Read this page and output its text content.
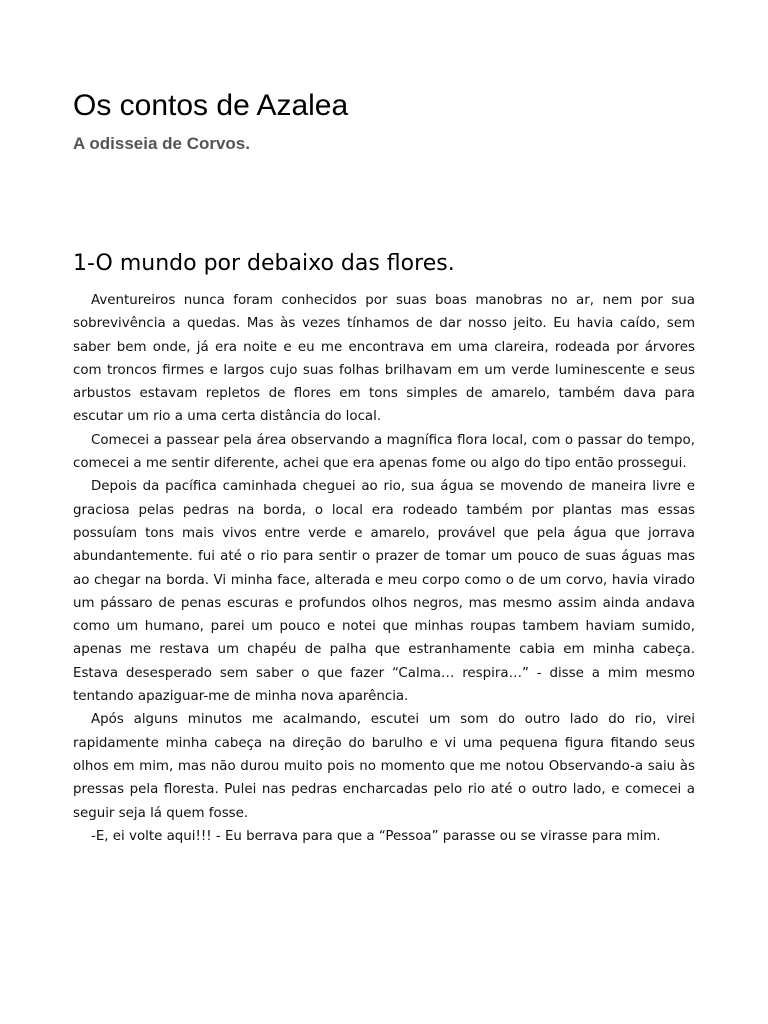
Os contos de Azalea
A odisseia de Corvos.
1-O mundo por debaixo das flores.

Aventureiros nunca foram conhecidos por suas boas manobras no ar, nem por sua sobrevivência a quedas. Mas às vezes tínhamos de dar nosso jeito. Eu havia caído, sem saber bem onde, já era noite e eu me encontrava em uma clareira, rodeada por árvores com troncos firmes e largos cujo suas folhas brilhavam em um verde luminescente e seus arbustos estavam repletos de flores em tons simples de amarelo, também dava para escutar um rio a uma certa distância do local.

Comecei a passear pela área observando a magnífica flora local, com o passar do tempo, comecei a me sentir diferente, achei que era apenas fome ou algo do tipo então prossegui.

Depois da pacífica caminhada cheguei ao rio, sua água se movendo de maneira livre e graciosa pelas pedras na borda, o local era rodeado também por plantas mas essas possuíam tons mais vivos entre verde e amarelo, provável que pela água que jorrava abundantemente. fui até o rio para sentir o prazer de tomar um pouco de suas águas mas ao chegar na borda. Vi minha face, alterada e meu corpo como o de um corvo, havia virado um pássaro de penas escuras e profundos olhos negros, mas mesmo assim ainda andava como um humano, parei um pouco e notei que minhas roupas tambem haviam sumido, apenas me restava um chapéu de palha que estranhamente cabia em minha cabeça. Estava desesperado sem saber o que fazer “Calma… respira…” - disse a mim mesmo tentando apaziguar-me de minha nova aparência.

Após alguns minutos me acalmando, escutei um som do outro lado do rio, virei rapidamente minha cabeça na direção do barulho e vi uma pequena figura fitando seus olhos em mim, mas não durou muito pois no momento que me notou Observando-a saiu às pressas pela floresta. Pulei nas pedras encharcadas pelo rio até o outro lado, e comecei a seguir seja lá quem fosse.

-E, ei volte aqui!!! - Eu berrava para que a “Pessoa” parasse ou se virasse para mim.
